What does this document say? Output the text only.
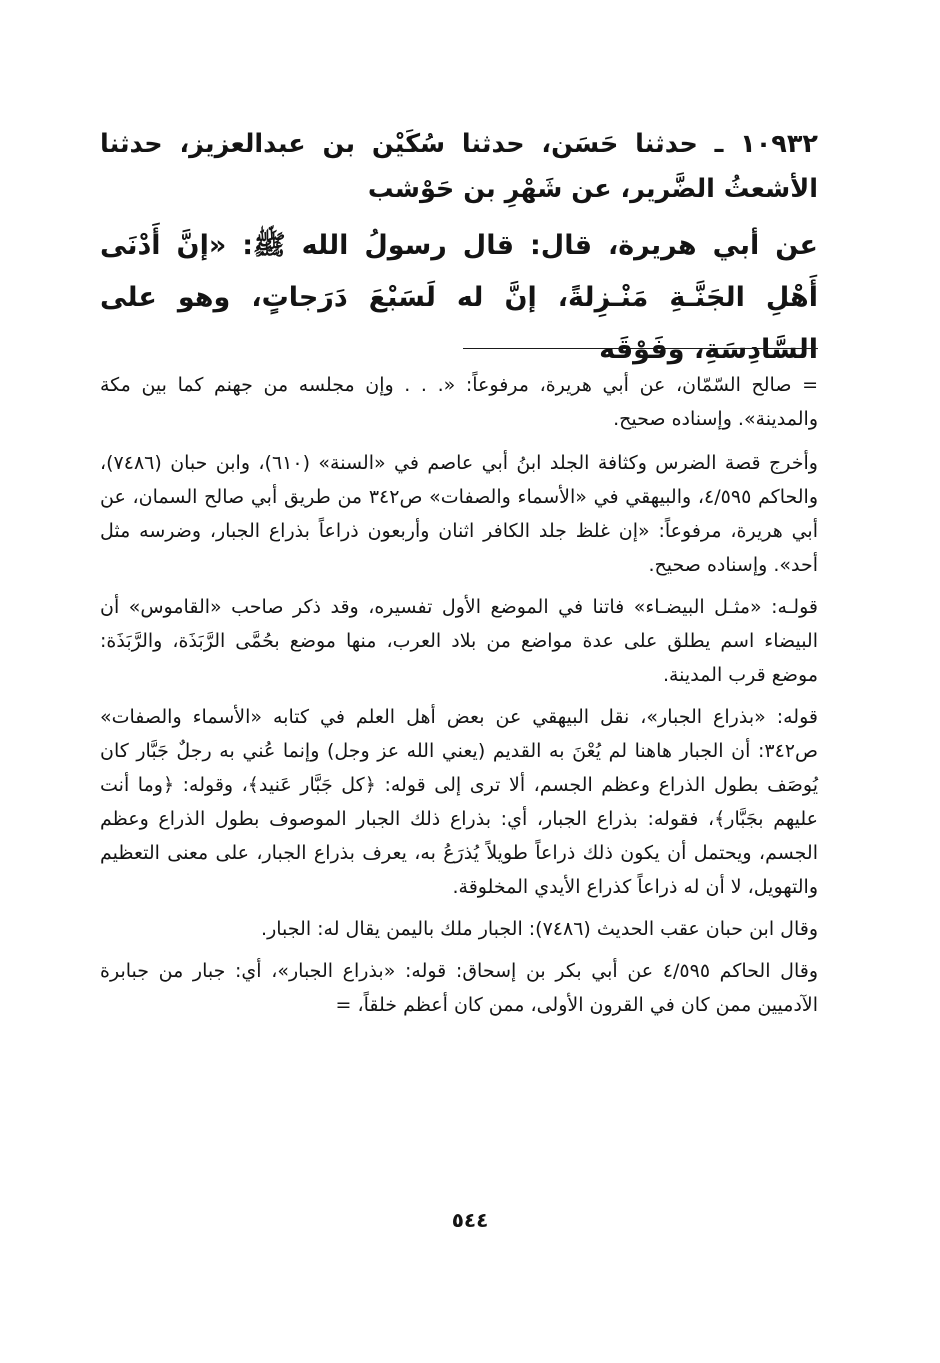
١٠٩٣٢ ـ حدثنا حَسَن، حدثنا سُكَيْن بن عبدالعزيز، حدثنا الأشعثُ الضَّرير، عن شَهْرِ بن حَوْشب

عن أبي هريرة، قال: قال رسولُ الله ﷺ: «إنَّ أَدْنَى أَهْلِ الجَنَّـةِ مَنْـزِلةً، إنَّ له لَسَبْعَ دَرَجاتٍ، وهو على السَّادِسَةِ، وفَوْقَه

= صالح السّمّان، عن أبي هريرة، مرفوعاً: «. . . وإن مجلسه من جهنم كما بين مكة والمدينة». وإسناده صحيح.

وأخرج قصة الضرس وكثافة الجلد ابنُ أبي عاصم في «السنة» (٦١٠)، وابن حبان (٧٤٨٦)، والحاكم ٤/٥٩٥، والبيهقي في «الأسماء والصفات» ص٣٤٢ من طريق أبي صالح السمان، عن أبي هريرة، مرفوعاً: «إن غلظ جلد الكافر اثنان وأربعون ذراعاً بذراع الجبار، وضرسه مثل أحد». وإسناده صحيح.

قولـه: «مثـل البيضـاء» فاتنا في الموضع الأول تفسيره، وقد ذكر صاحب «القاموس» أن البيضاء اسم يطلق على عدة مواضع من بلاد العرب، منها موضع بحُمَّى الرَّبَذَة، والرَّبَذَة: موضع قرب المدينة.

قوله: «بذراع الجبار»، نقل البيهقي عن بعض أهل العلم في كتابه «الأسماء والصفات» ص٣٤٢: أن الجبار هاهنا لم يُعْنَ به القديم (يعني الله عز وجل) وإنما عُني به رجلٌ جَبَّار كان يُوصَف بطول الذراع وعظم الجسم، ألا ترى إلى قوله: ﴿كل جَبَّار عَنيد﴾، وقوله: ﴿وما أنت عليهم بجَبَّار﴾، فقوله: بذراع الجبار، أي: بذراع ذلك الجبار الموصوف بطول الذراع وعظم الجسم، ويحتمل أن يكون ذلك ذراعاً طويلاً يُذرَعُ به، يعرف بذراع الجبار، على معنى التعظيم والتهويل، لا أن له ذراعاً كذراع الأيدي المخلوقة.

وقال ابن حبان عقب الحديث (٧٤٨٦): الجبار ملك باليمن يقال له: الجبار.

وقال الحاكم ٤/٥٩٥ عن أبي بكر بن إسحاق: قوله: «بذراع الجبار»، أي: جبار من جبابرة الآدميين ممن كان في القرون الأولى، ممن كان أعظم خلقاً، =

٥٤٤
